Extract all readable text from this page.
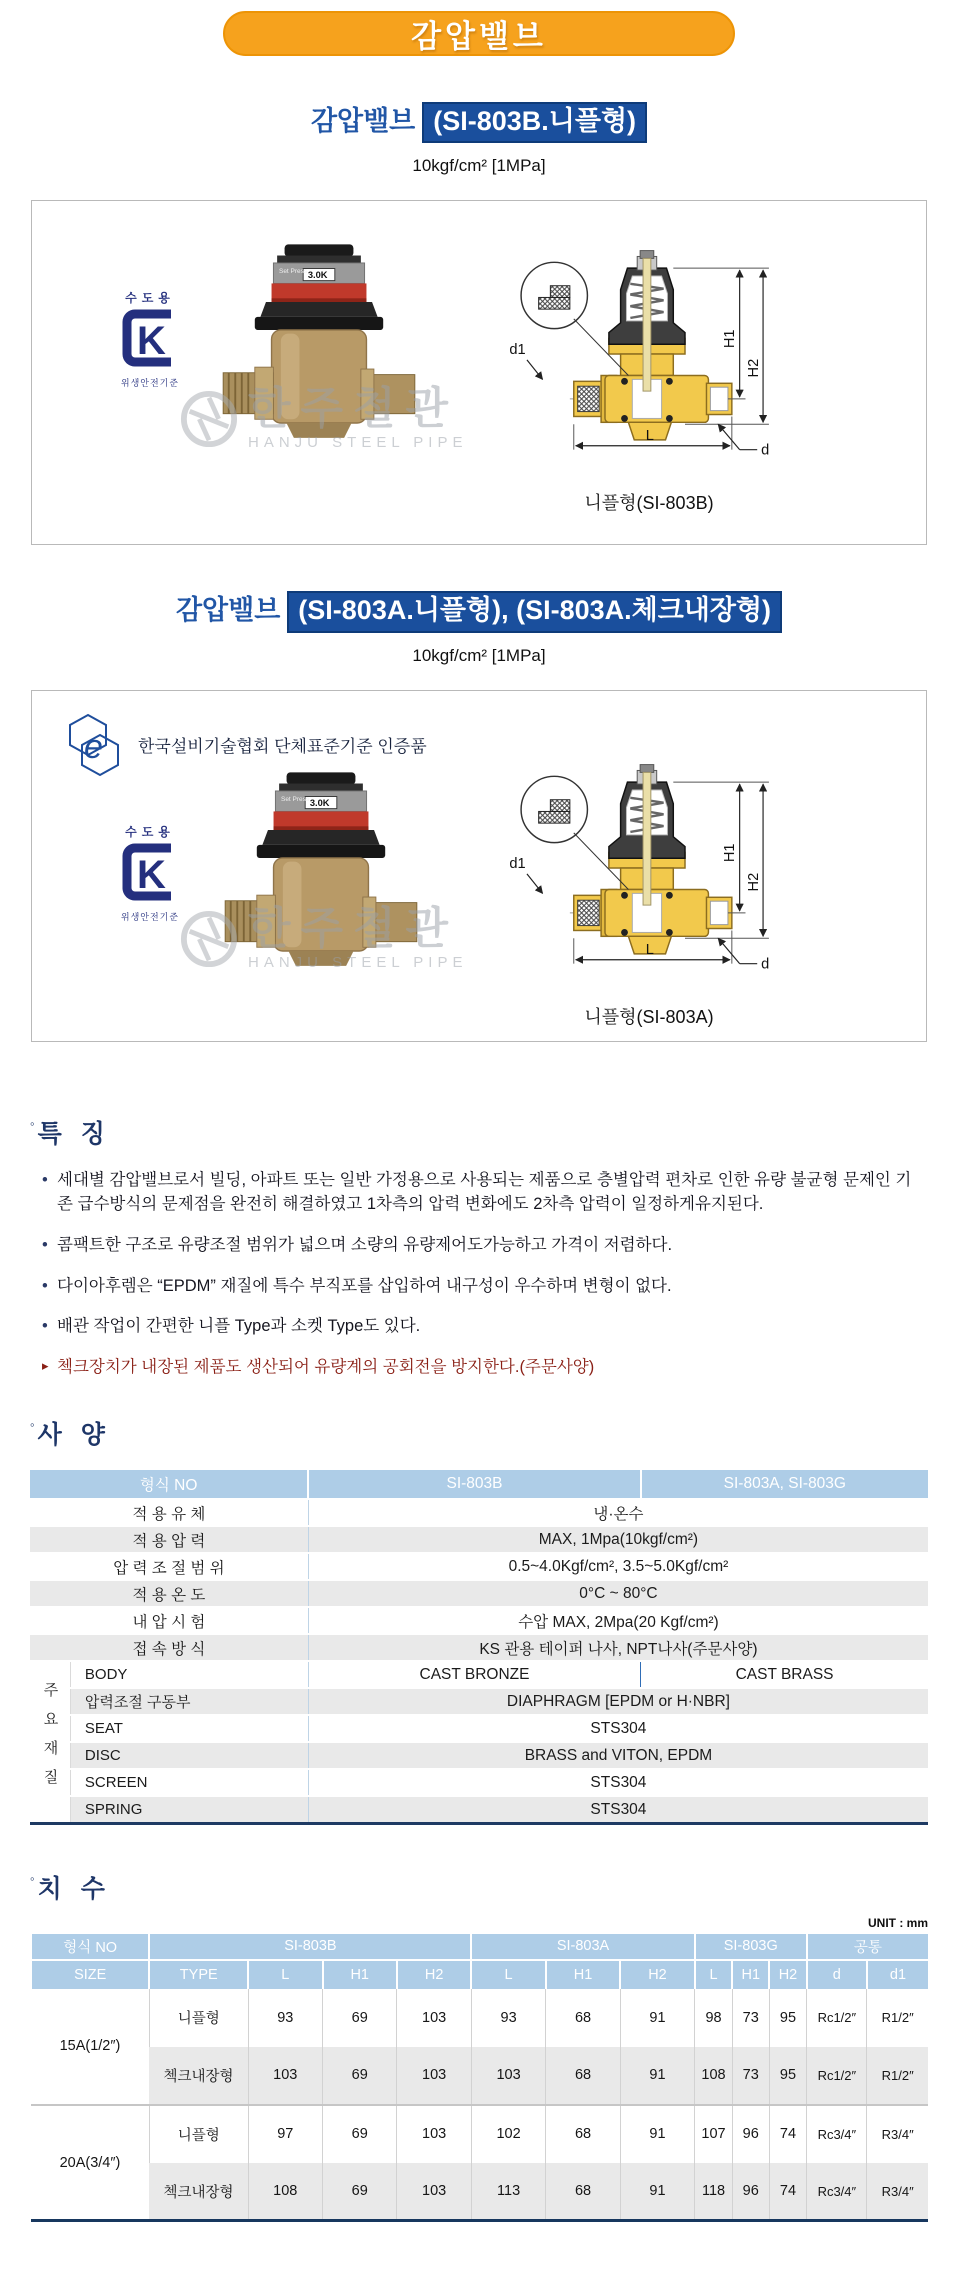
감압밸브
감압밸브 (SI-803B.니플형)
10kgf/cm² [1MPa]
수도용
K
위생안전기준
Set Press 3.0K
한주철관
HANJU STEEL PIPE
d1
H1
H2
L
d
니플형(SI-803B)
감압밸브 (SI-803A.니플형), (SI-803A.체크내장형)
10kgf/cm² [1MPa]
e 한국설비기술협회 단체표준기준 인증품
수도용
K
위생안전기준
Set Press 3.0K
한주철관
HANJU STEEL PIPE
d1
H1
H2
L
d
니플형(SI-803A)
◦ 특 징
• 세대별 감압밸브로서 빌딩, 아파트 또는 일반 가정용으로 사용되는 제품으로 층별압력 편차로 인한 유량 불균형 문제인 기존 급수방식의 문제점을 완전히 해결하였고 1차측의 압력 변화에도 2차측 압력이 일정하게유지된다.
• 콤팩트한 구조로 유량조절 범위가 넓으며 소량의 유량제어도가능하고 가격이 저렴하다.
• 다이아후렘은 “EPDM” 재질에 특수 부직포를 삽입하여 내구성이 우수하며 변형이 없다.
• 배관 작업이 간편한 니플 Type과 소켓 Type도 있다.
▸ 첵크장치가 내장된 제품도 생산되어 유량계의 공회전을 방지한다.(주문사양)
◦ 사 양
형식 NO		SI-803B	SI-803A, SI-803G
적 용 유 체		냉·온수	
적 용 압 력		MAX, 1Mpa(10kgf/cm²)	
압 력 조 절 범 위		0.5~4.0Kgf/cm², 3.5~5.0Kgf/cm²	
적 용 온 도		0°C ~ 80°C	
내 압 시 험		수압 MAX, 2Mpa(20 Kgf/cm²)	
접 속 방 식		KS 관용 테이퍼 나사, NPT나사(주문사양)	
주요재질	BODY	CAST BRONZE	CAST BRASS
	압력조절 구동부	DIAPHRAGM [EPDM or H·NBR]	
	SEAT	STS304	
	DISC	BRASS and VITON, EPDM	
	SCREEN	STS304	
	SPRING	STS304	
◦ 치 수
UNIT : mm
형식 NO	SI-803B				SI-803A			SI-803G			공통	
SIZE	TYPE	L	H1	H2	L	H1	H2	L	H1	H2	d	d1
15A(1/2″)	니플형	93	69	103	93	68	91	98	73	95	Rc1/2″	R1/2″
	첵크내장형	103	69	103	103	68	91	108	73	95	Rc1/2″	R1/2″
20A(3/4″)	니플형	97	69	103	102	68	91	107	96	74	Rc3/4″	R3/4″
	첵크내장형	108	69	103	113	68	91	118	96	74	Rc3/4″	R3/4″
